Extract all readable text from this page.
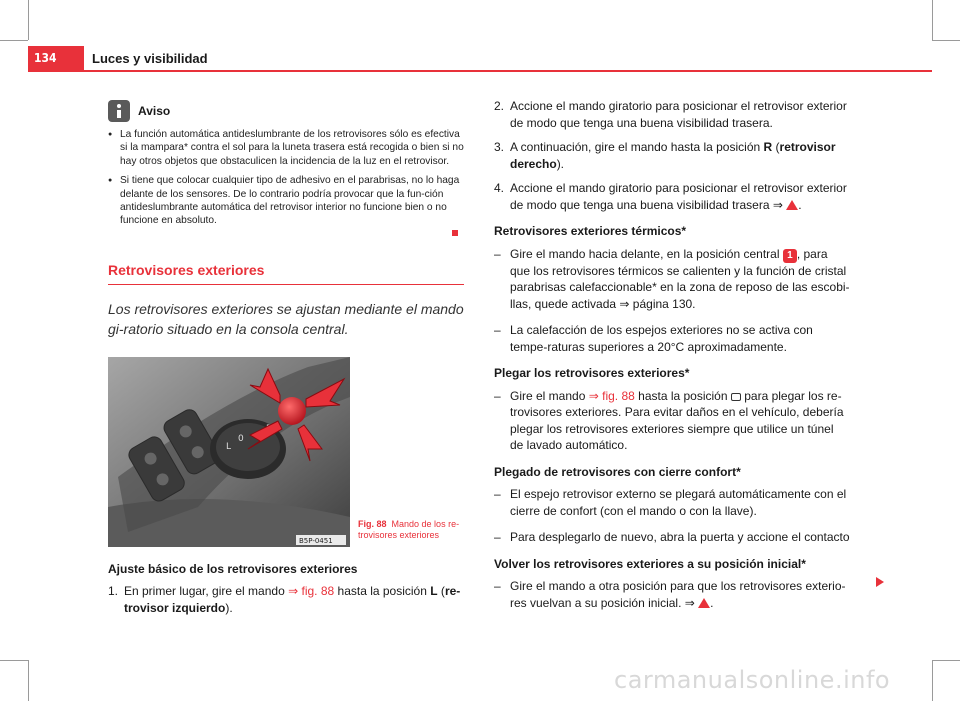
134	Luces y visibilidad
Aviso

● La función automática antideslumbrante de los retrovisores sólo es efectiva si la mampara* contra el sol para la luneta trasera está recogida o bien si no hay otros objetos que obstaculicen la incidencia de la luz en el retrovisor.

● Si tiene que colocar cualquier tipo de adhesivo en el parabrisas, no lo haga delante de los sensores. De lo contrario podría provocar que la fun-ción antideslumbrante automática del retrovisor interior no funcione bien o no funcione en absoluto.

Retrovisores exteriores
Los retrovisores exteriores se ajustan mediante el mando gi-ratorio situado en la consola central.
L
0
B5P-0451
Fig. 88 Mando de los re-trovisores exteriores
Ajuste básico de los retrovisores exteriores
1. En primer lugar, gire el mando ⇒ fig. 88 hasta la posición L (re-trovisor izquierdo).
2. Accione el mando giratorio para posicionar el retrovisor exterior de modo que tenga una buena visibilidad trasera.
3. A continuación, gire el mando hasta la posición R (retrovisor derecho).
4. Accione el mando giratorio para posicionar el retrovisor exterior de modo que tenga una buena visibilidad trasera ⇒ .
Retrovisores exteriores térmicos*
– Gire el mando hacia delante, en la posición central 1 , para que los retrovisores térmicos se calienten y la función de cristal parabrisas calefaccionable* en la zona de reposo de las escobi-llas, quede activada ⇒ página 130.
– La calefacción de los espejos exteriores no se activa con tempe-raturas superiores a 20°C aproximadamente.
Plegar los retrovisores exteriores*
– Gire el mando ⇒ fig. 88 hasta la posición para plegar los re-trovisores exteriores. Para evitar daños en el vehículo, debería plegar los retrovisores exteriores siempre que utilice un túnel de lavado automático.
Plegado de retrovisores con cierre confort*
– El espejo retrovisor externo se plegará automáticamente con el cierre de confort (con el mando o con la llave).
– Para desplegarlo de nuevo, abra la puerta y accione el contacto
Volver los retrovisores exteriores a su posición inicial*
– Gire el mando a otra posición para que los retrovisores exterio-res vuelvan a su posición inicial. ⇒ .
carmanualsonline.info
